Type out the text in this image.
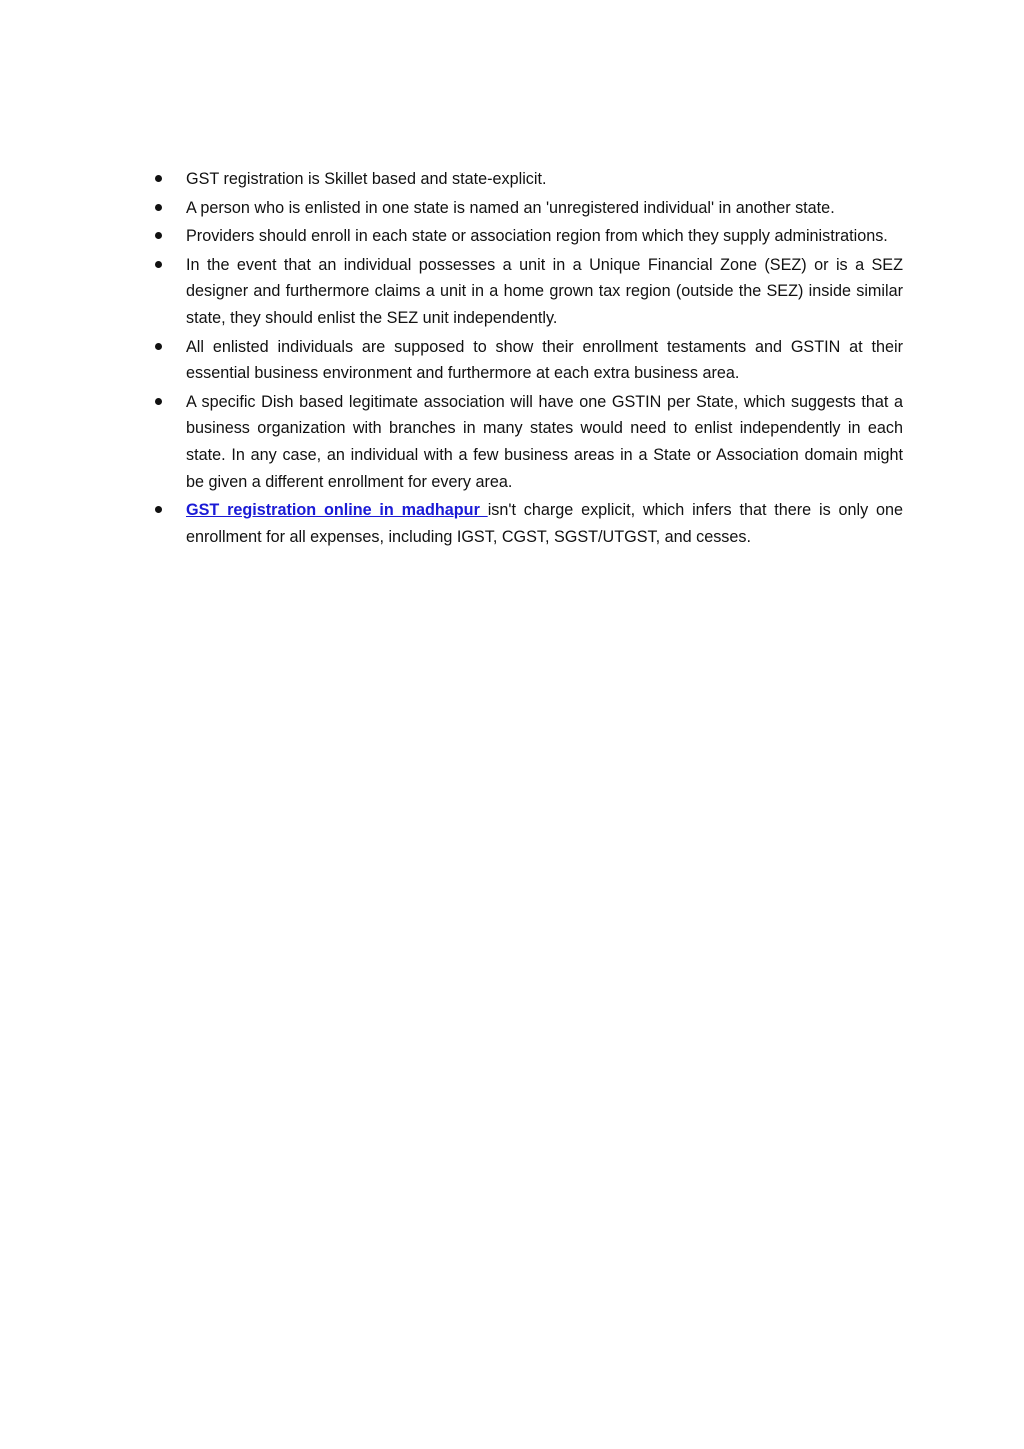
GST registration is Skillet based and state-explicit.
A person who is enlisted in one state is named an 'unregistered individual' in another state.
Providers should enroll in each state or association region from which they supply administrations.
In the event that an individual possesses a unit in a Unique Financial Zone (SEZ) or is a SEZ designer and furthermore claims a unit in a home grown tax region (outside the SEZ) inside similar state, they should enlist the SEZ unit independently.
All enlisted individuals are supposed to show their enrollment testaments and GSTIN at their essential business environment and furthermore at each extra business area.
A specific Dish based legitimate association will have one GSTIN per State, which suggests that a business organization with branches in many states would need to enlist independently in each state. In any case, an individual with a few business areas in a State or Association domain might be given a different enrollment for every area.
GST registration online in madhapur isn't charge explicit, which infers that there is only one enrollment for all expenses, including IGST, CGST, SGST/UTGST, and cesses.
